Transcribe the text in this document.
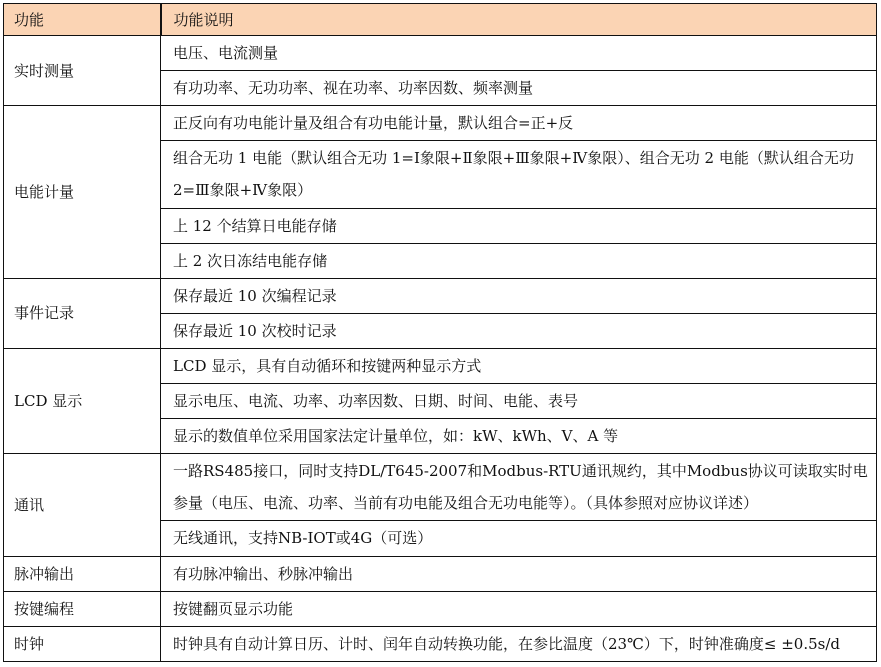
功能	功能说明
实时测量	电压、电流测量
	有功功率、无功功率、视在功率、功率因数、频率测量
电能计量	正反向有功电能计量及组合有功电能计量，默认组合=正+反
	组合无功 1 电能（默认组合无功 1=Ⅰ象限+Ⅱ象限+Ⅲ象限+Ⅳ象限）、组合无功 2 电能（默认组合无功 2=Ⅲ象限+Ⅳ象限）
	上 12 个结算日电能存储
	上 2 次日冻结电能存储
事件记录	保存最近 10 次编程记录
	保存最近 10 次校时记录
LCD 显示	LCD 显示，具有自动循环和按键两种显示方式
	显示电压、电流、功率、功率因数、日期、时间、电能、表号
	显示的数值单位采用国家法定计量单位，如：kW、kWh、V、A 等
通讯	一路RS485接口，同时支持DL/T645-2007和Modbus-RTU通讯规约，其中Modbus协议可读取实时电参量（电压、电流、功率、当前有功电能及组合无功电能等）。（具体参照对应协议详述）
	无线通讯，支持NB-IOT或4G（可选）
脉冲输出	有功脉冲输出、秒脉冲输出
按键编程	按键翻页显示功能
时钟	时钟具有自动计算日历、计时、闰年自动转换功能，在参比温度（23℃）下，时钟准确度≤ ±0.5s/d
